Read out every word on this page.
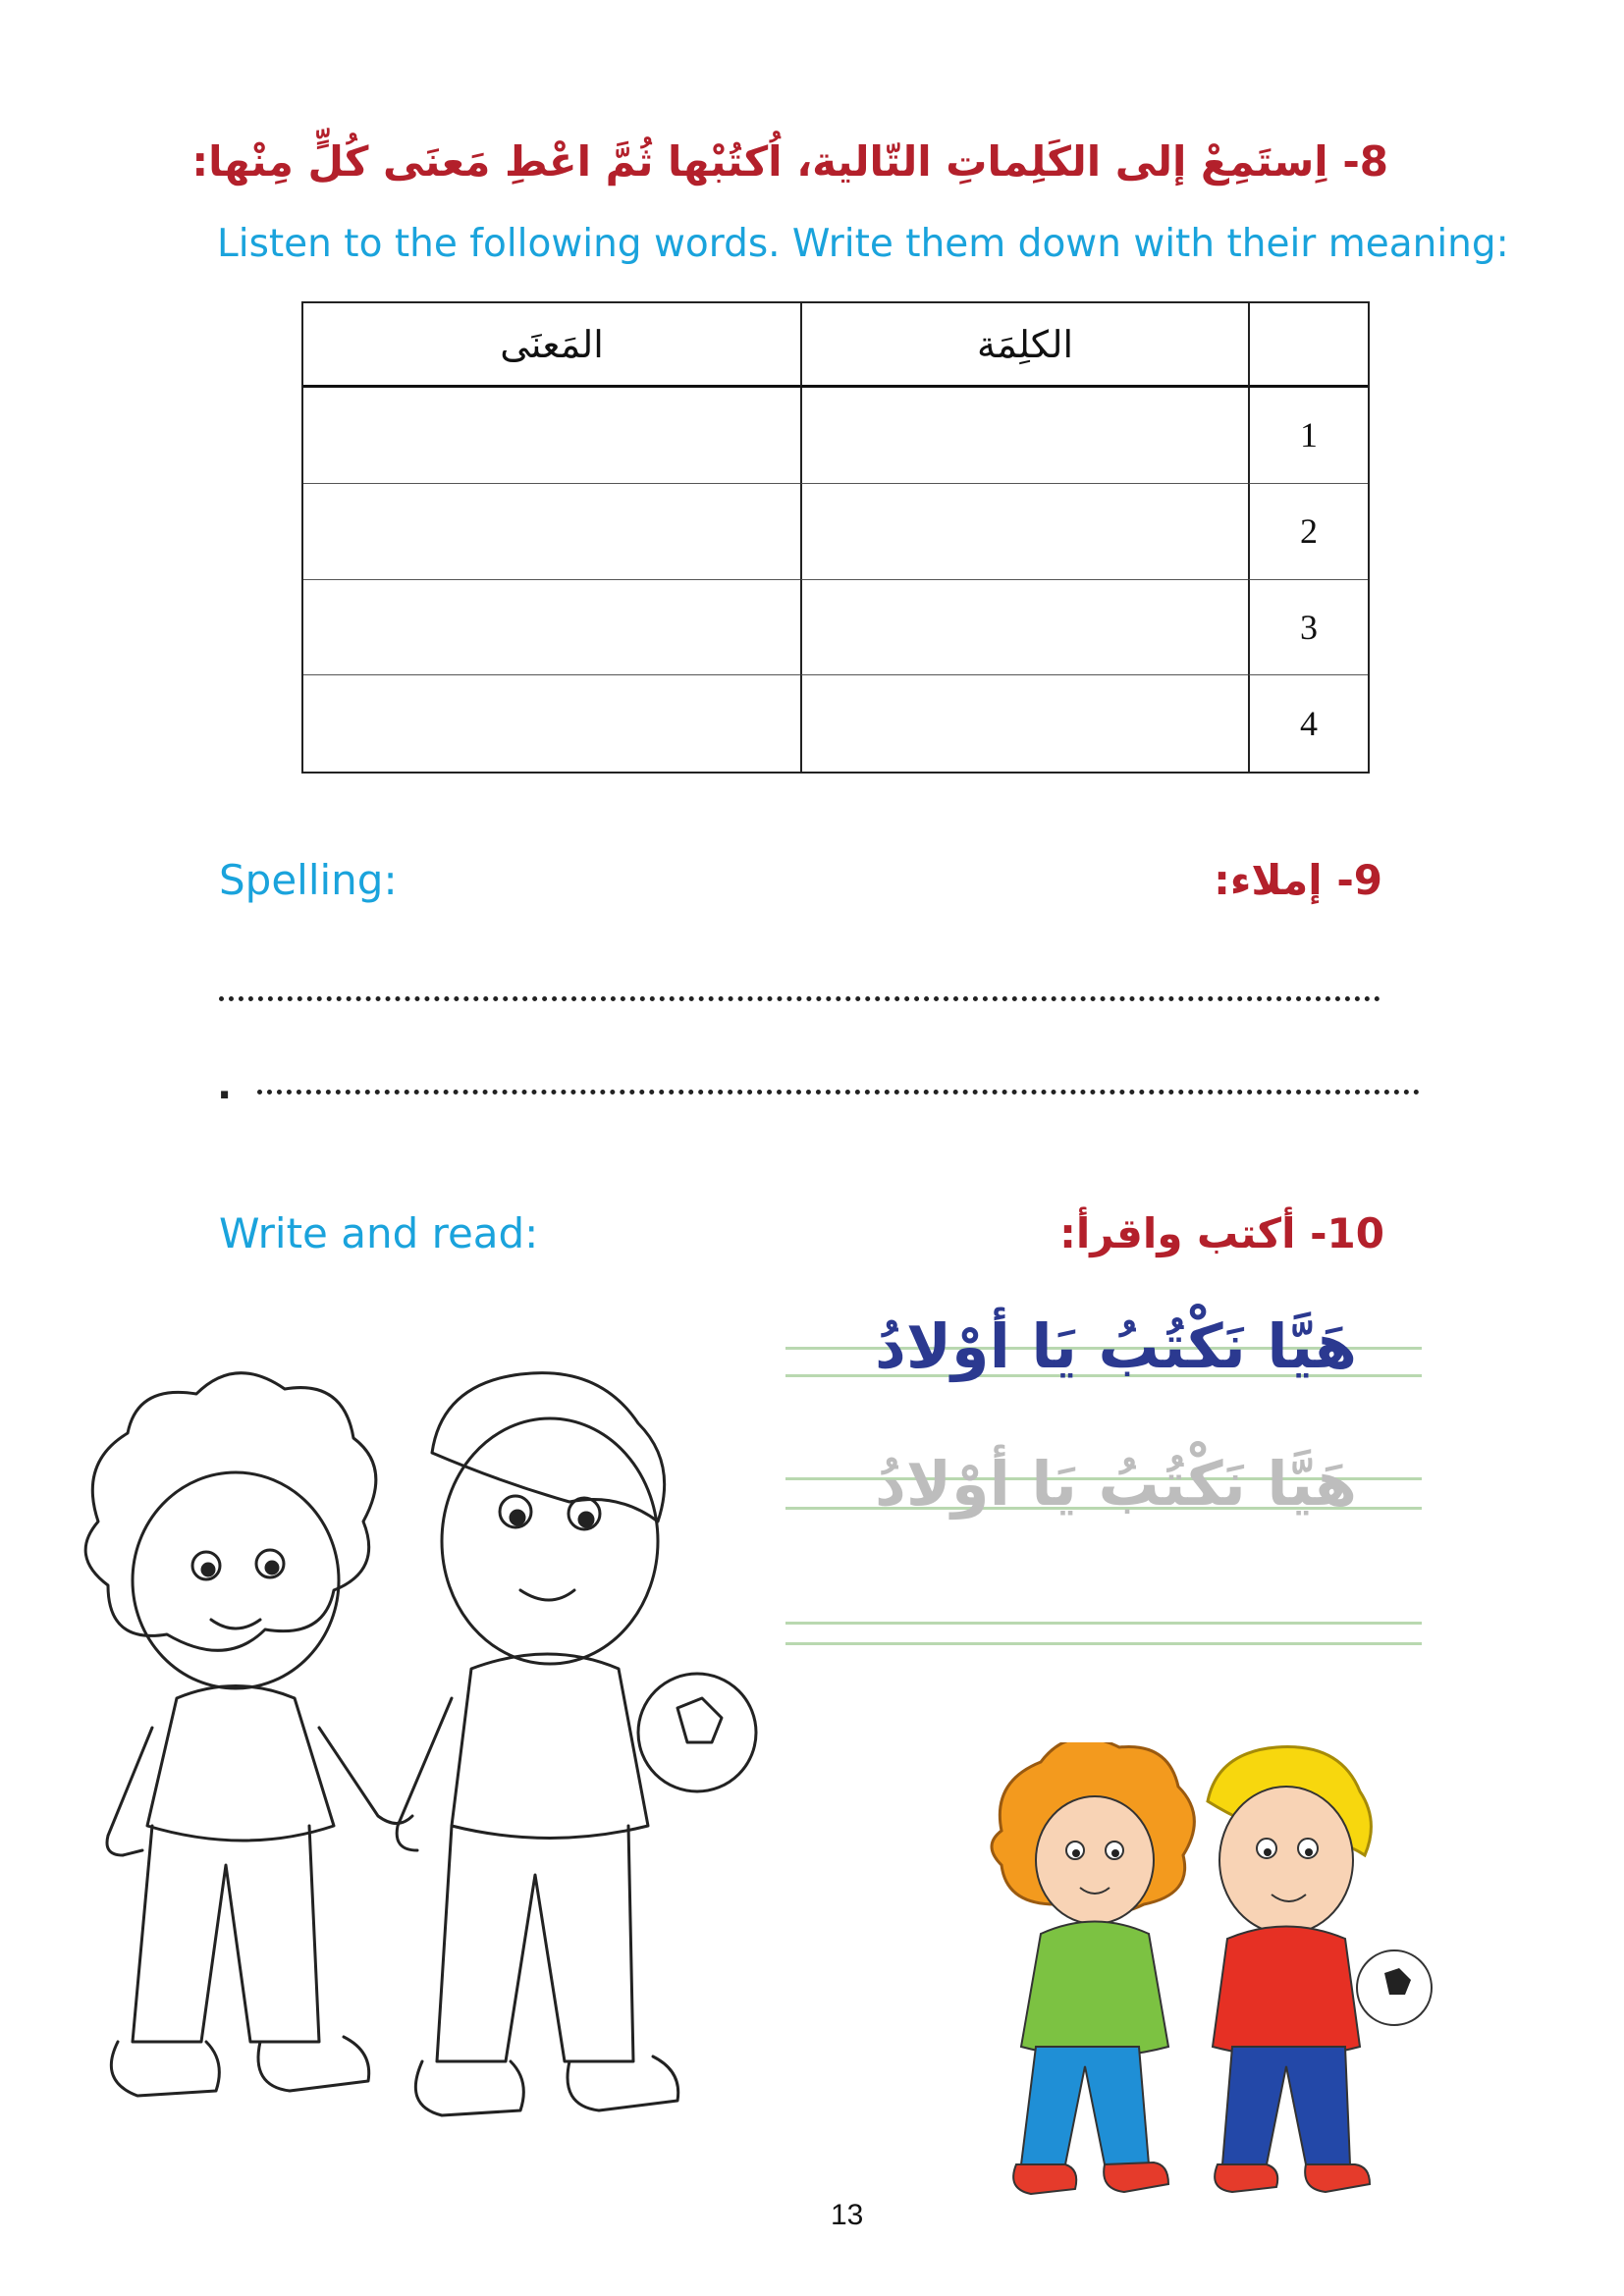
8- اِستَمِعْ إلى الكَلِماتِ التّالية، اُكتُبْها ثُمَّ اعْطِ مَعنَى كُلٍّ مِنْها:
Listen to the following words. Write them down with their meaning:
الكلِمَة
المَعنَى
1
2
3
4
Spelling:	9- إملاء:
.
Write and read:	10- أكتب واقرأ:
هَيَّا نَكْتُبُ يَا أوْلادُ
هَيَّا نَكْتُبُ يَا أوْلادُ
13
